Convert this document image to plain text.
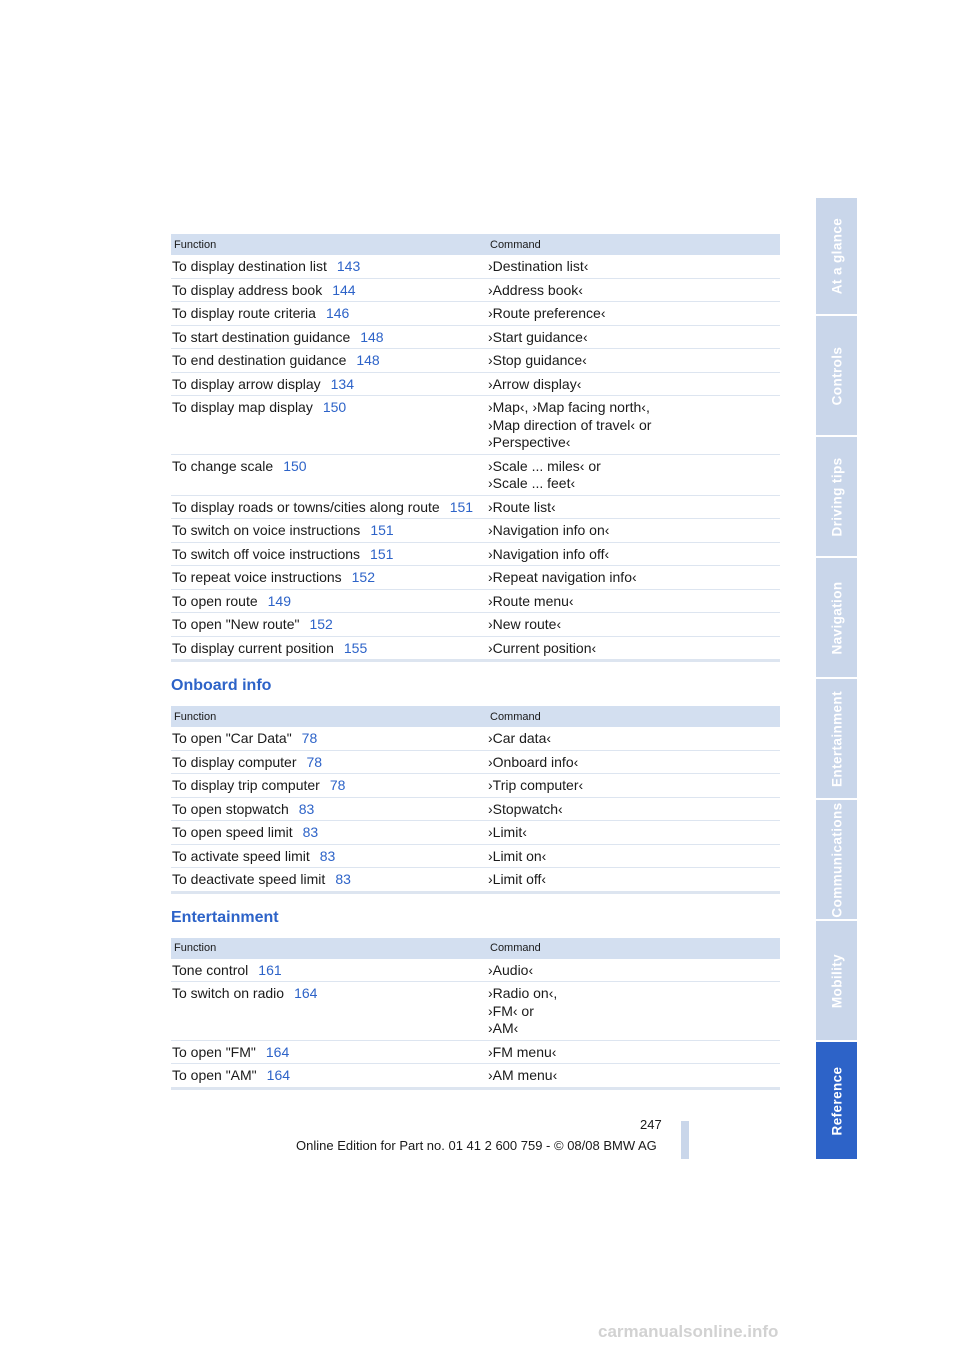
Function	Command
To display destination list 143	›Destination list‹

To display address book 144	›Address book‹

To display route criteria 146	›Route preference‹

To start destination guidance 148	›Start guidance‹

To end destination guidance 148	›Stop guidance‹

To display arrow display 134	›Arrow display‹

To display map display 150	›Map‹, ›Map facing north‹,
›Map direction of travel‹ or
›Perspective‹

To change scale 150	›Scale ... miles‹ or
›Scale ... feet‹

To display roads or towns/cities along route 151	›Route list‹

To switch on voice instructions 151	›Navigation info on‹

To switch off voice instructions 151	›Navigation info off‹

To repeat voice instructions 152	›Repeat navigation info‹

To open route 149	›Route menu‹

To open "New route" 152	›New route‹

To display current position 155	›Current position‹
Onboard info
Function	Command
To open "Car Data" 78	›Car data‹

To display computer 78	›Onboard info‹

To display trip computer 78	›Trip computer‹

To open stopwatch 83	›Stopwatch‹

To open speed limit 83	›Limit‹

To activate speed limit 83	›Limit on‹

To deactivate speed limit 83	›Limit off‹
Entertainment
Function	Command
Tone control 161	›Audio‹

To switch on radio 164	›Radio on‹,
›FM‹ or
›AM‹

To open "FM" 164	›FM menu‹

To open "AM" 164	›AM menu‹
At a glance
Controls
Driving tips
Navigation
Entertainment
Communications
Mobility
Reference
247
Online Edition for Part no. 01 41 2 600 759 - © 08/08 BMW AG
carmanualsonline.info
